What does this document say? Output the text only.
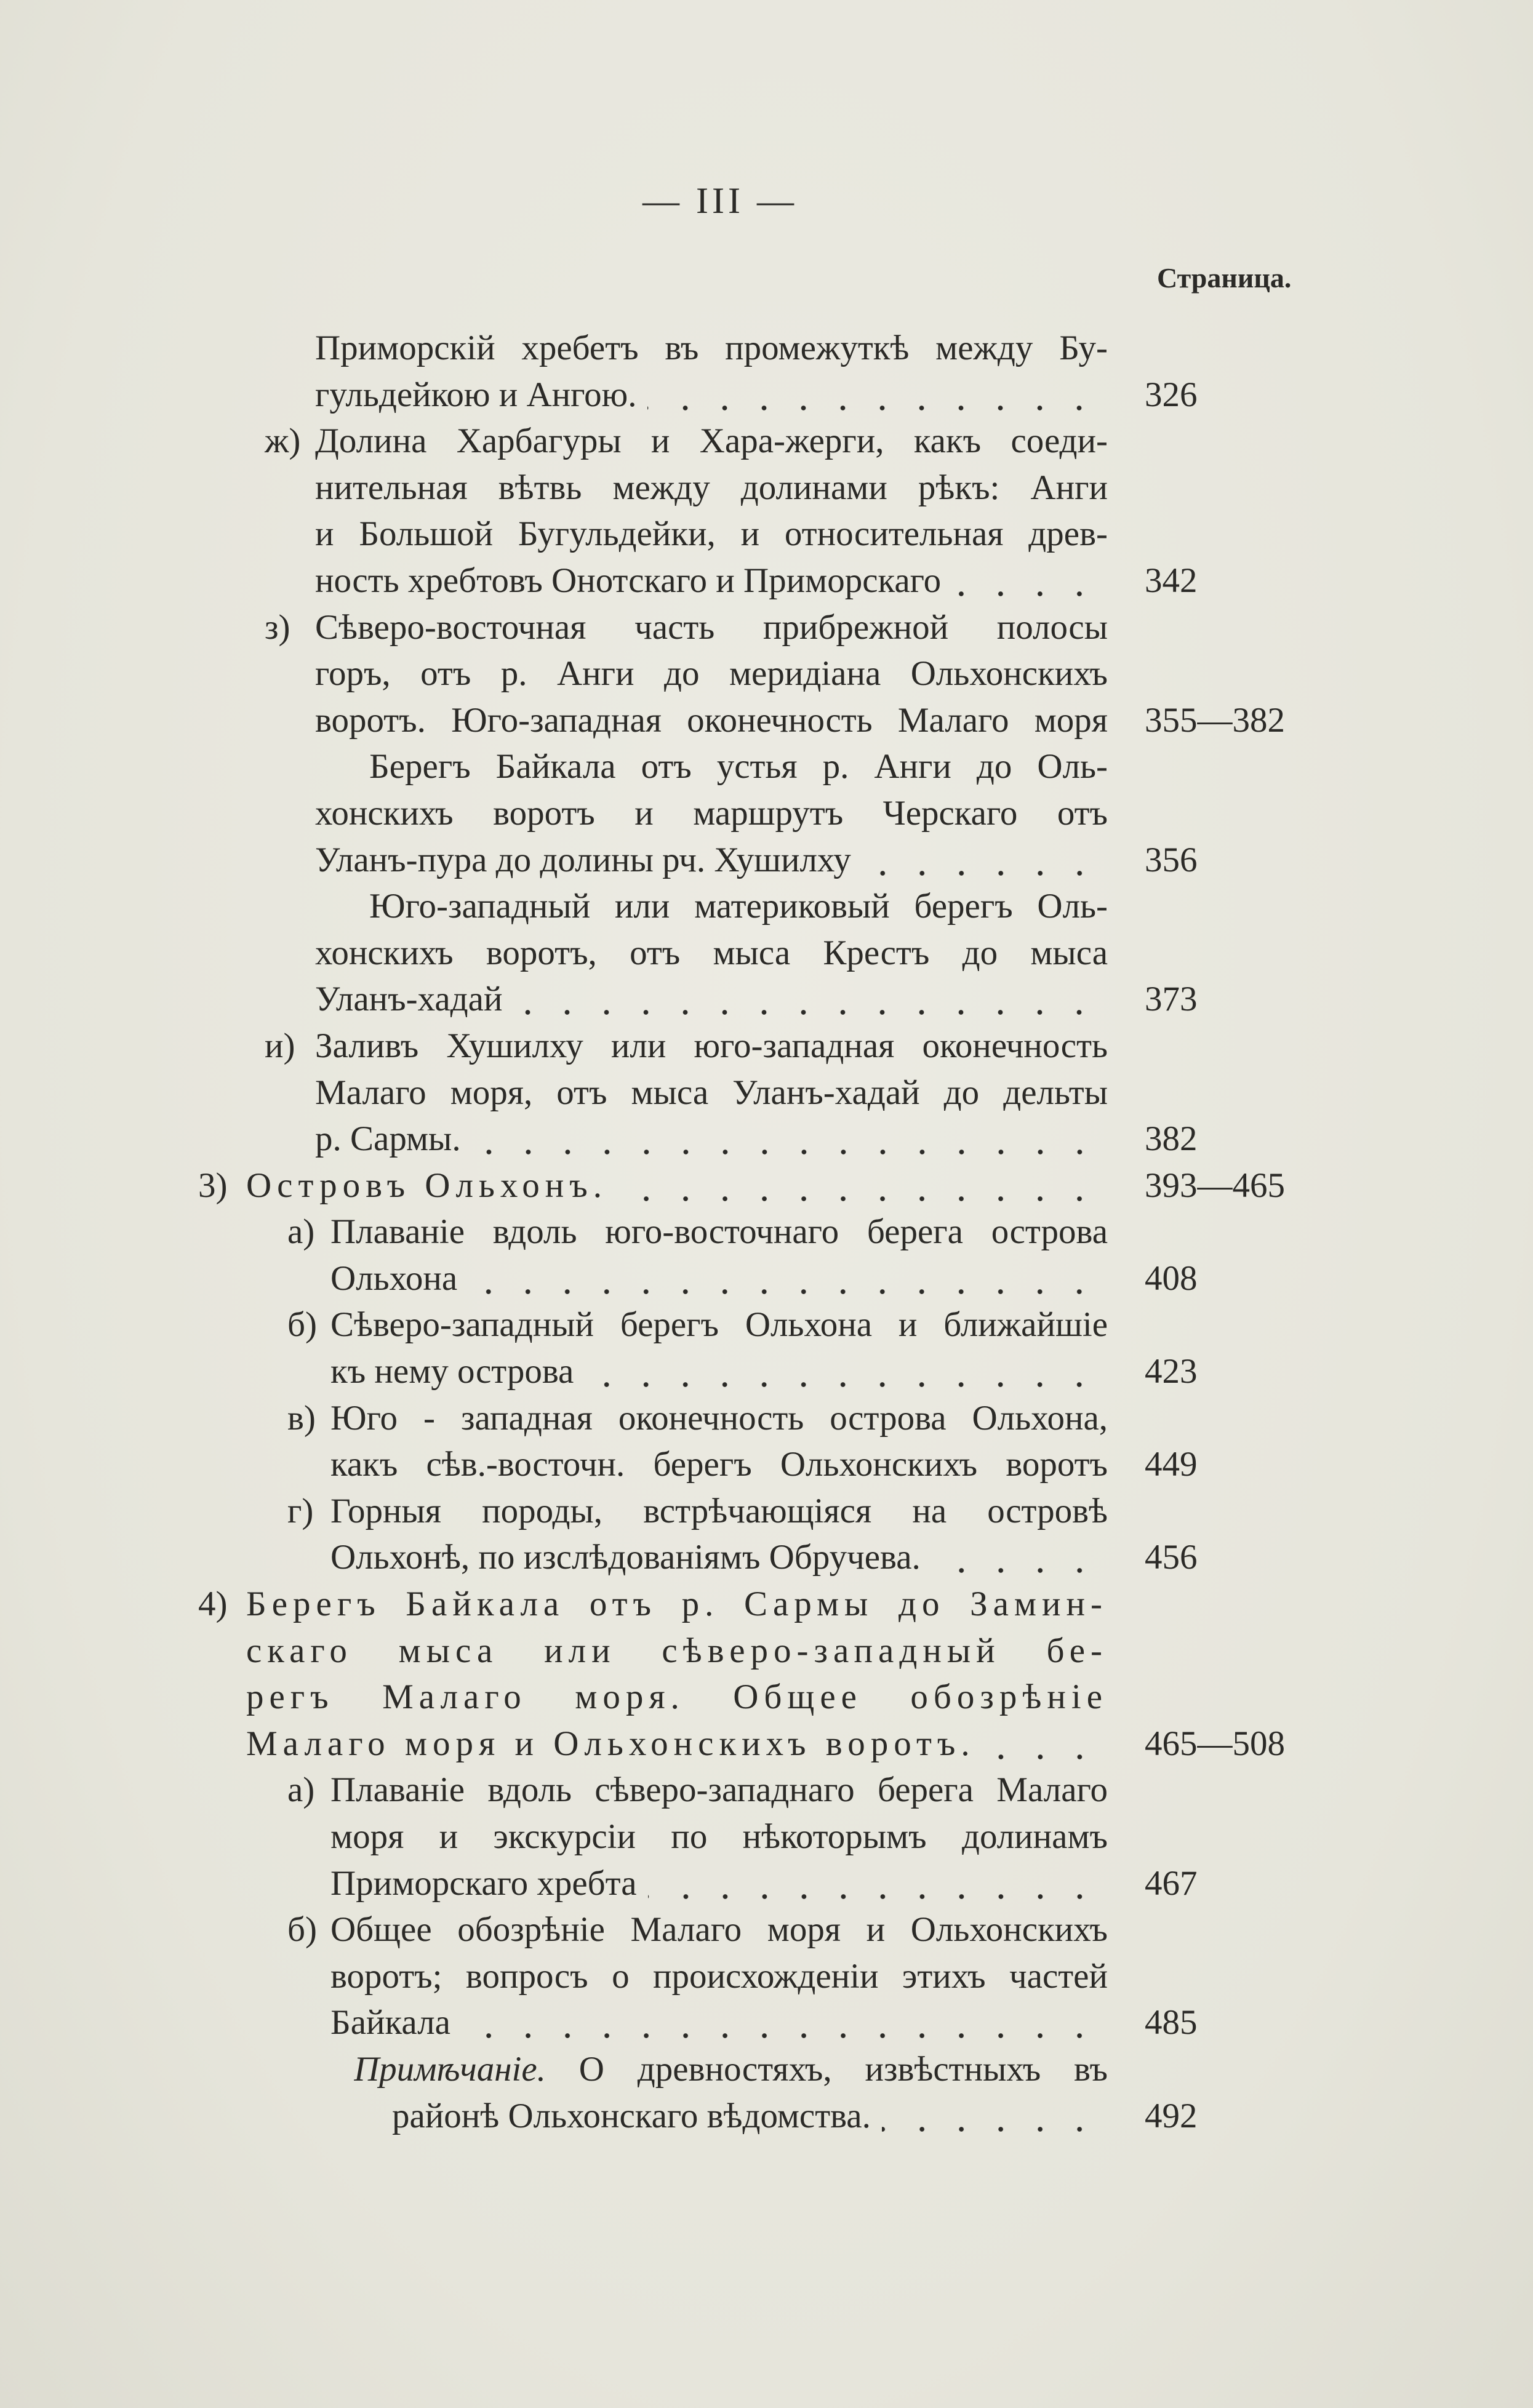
— III —
Страница.
Приморскій хребетъ въ промежуткѣ между Бу-
гульдейкою и Ангою.	326
ж) Долина Харбагуры и Хара-жерги, какъ соеди-
нительная вѣтвь между долинами рѣкъ: Анги
и Большой Бугульдейки, и относительная древ-
ность хребтовъ Онотскаго и Приморскаго	342
з) Сѣверо-восточная часть прибрежной полосы
горъ, отъ р. Анги до меридіана Ольхонскихъ
воротъ. Юго-западная оконечность Малаго моря 355—382
Берегъ Байкала отъ устья р. Анги до Оль-
хонскихъ воротъ и маршрутъ Черскаго отъ
Уланъ-пура до долины рч. Хушилху	356
Юго-западный или материковый берегъ Оль-
хонскихъ воротъ, отъ мыса Крестъ до мыса
Уланъ-хадай	373
и) Заливъ Хушилху или юго-западная оконечность
Малаго моря, отъ мыса Уланъ-хадай до дельты
р. Сармы.	382
3) Островъ Ольхонъ.	393—465
а) Плаваніе вдоль юго-восточнаго берега острова
Ольхона	408
б) Сѣверо-западный берегъ Ольхона и ближайшіе
къ нему острова	423
в) Юго - западная оконечность острова Ольхона,
какъ сѣв.-восточн. берегъ Ольхонскихъ воротъ 449
г) Горныя породы, встрѣчающіяся на островѣ
Ольхонѣ, по изслѣдованіямъ Обручева.	456
4) Берегъ Байкала отъ р. Сармы до Замин-
скаго мыса или сѣверо-западный бе-
регъ Малаго моря. Общее обозрѣніе
Малаго моря и Ольхонскихъ воротъ.	465—508
а) Плаваніе вдоль сѣверо-западнаго берега Малаго
моря и экскурсіи по нѣкоторымъ долинамъ
Приморскаго хребта	467
б) Общее обозрѣніе Малаго моря и Ольхонскихъ
воротъ; вопросъ о происхожденіи этихъ частей
Байкала	485
Примѣчаніе. О древностяхъ, извѣстныхъ въ
районѣ Ольхонскаго вѣдомства.	492
